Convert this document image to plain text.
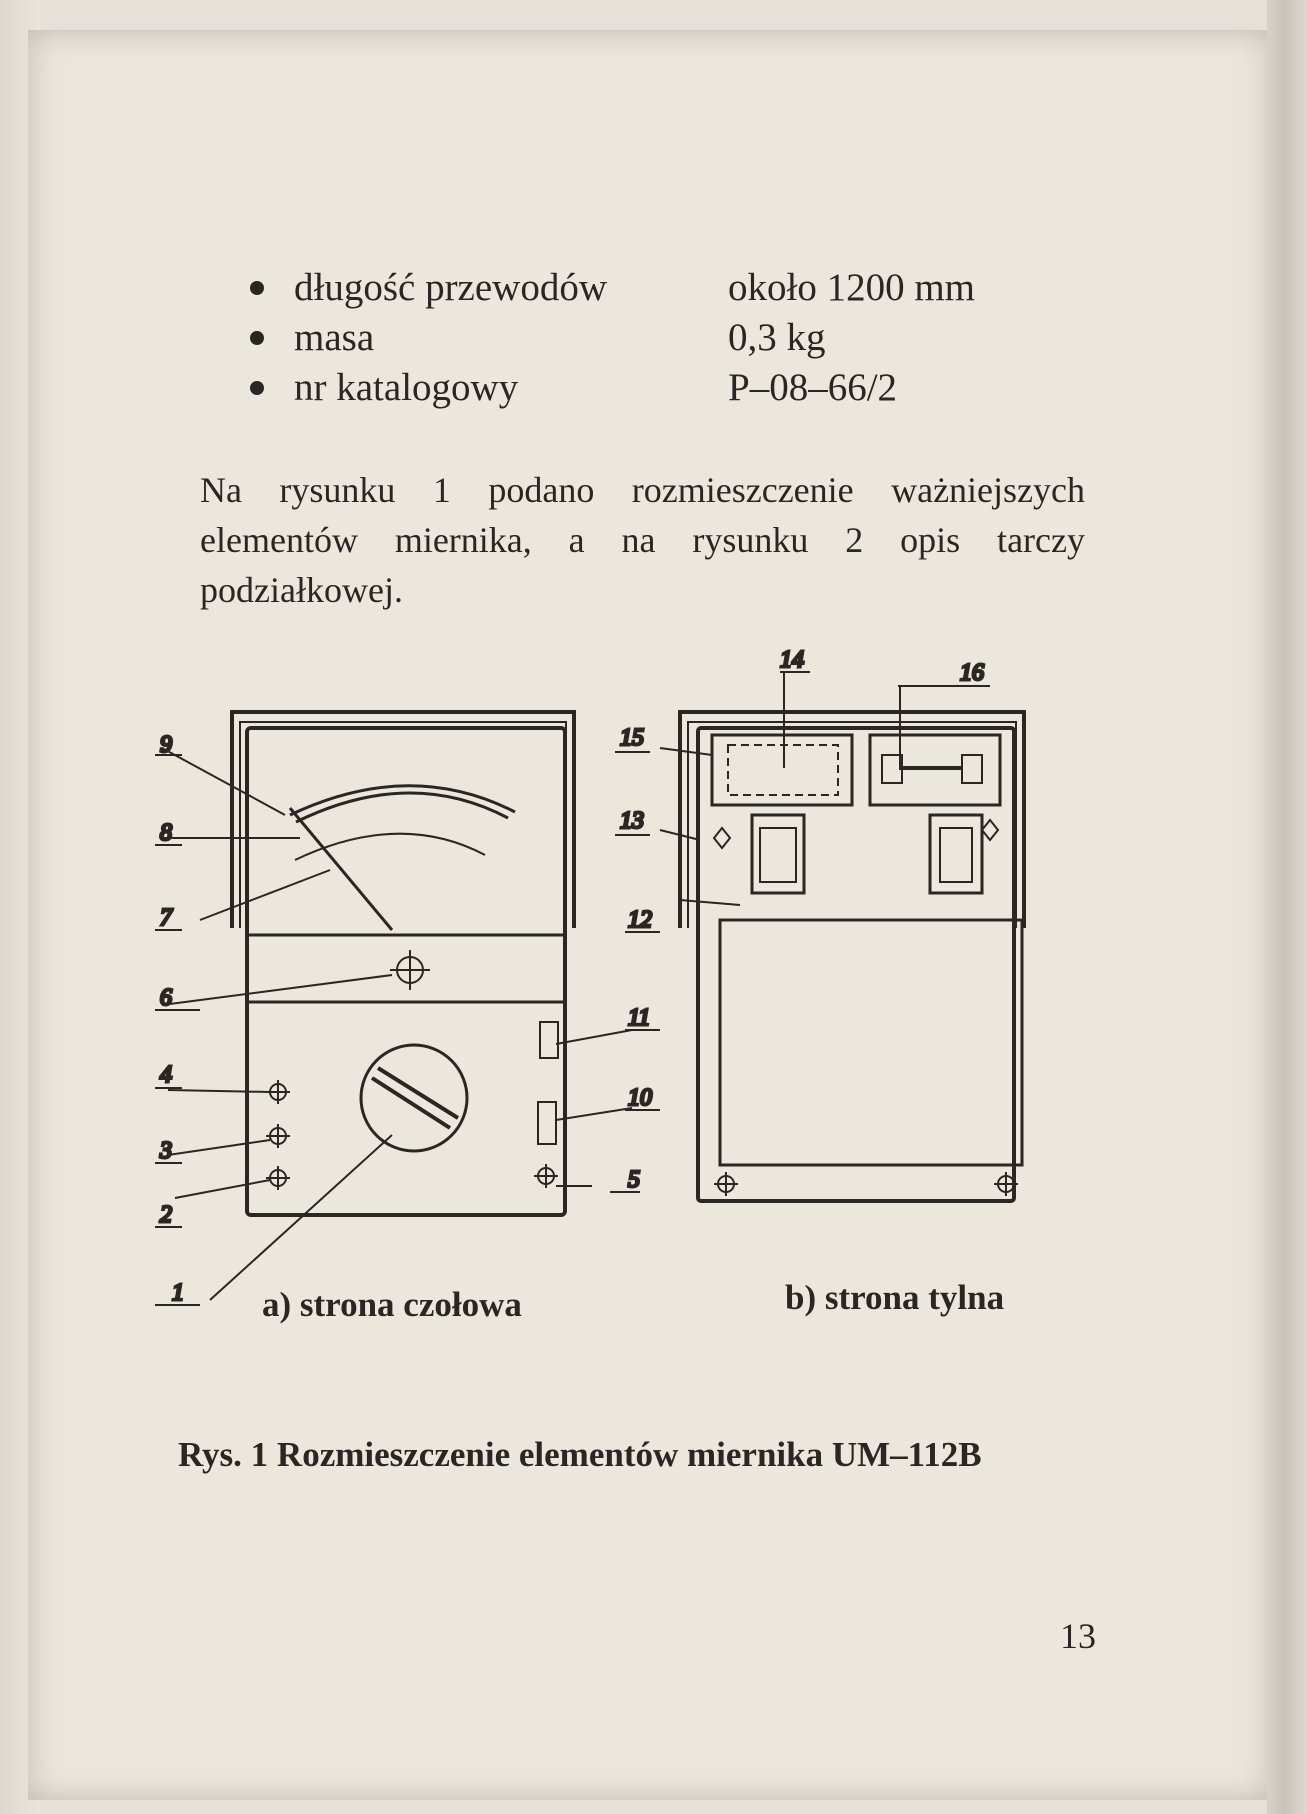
długość przewodów	około 1200 mm
masa	0,3 kg
nr katalogowy	P–08–66/2
Na rysunku 1 podano rozmieszczenie ważniejszych elementów miernika, a na rysunku 2 opis tarczy podziałkowej.
9
8
7
6
4
3
2
1
11
10
5
14	16
15
13
12
a) strona czołowa	b) strona tylna
Rys. 1 Rozmieszczenie elementów miernika UM–112B
13
